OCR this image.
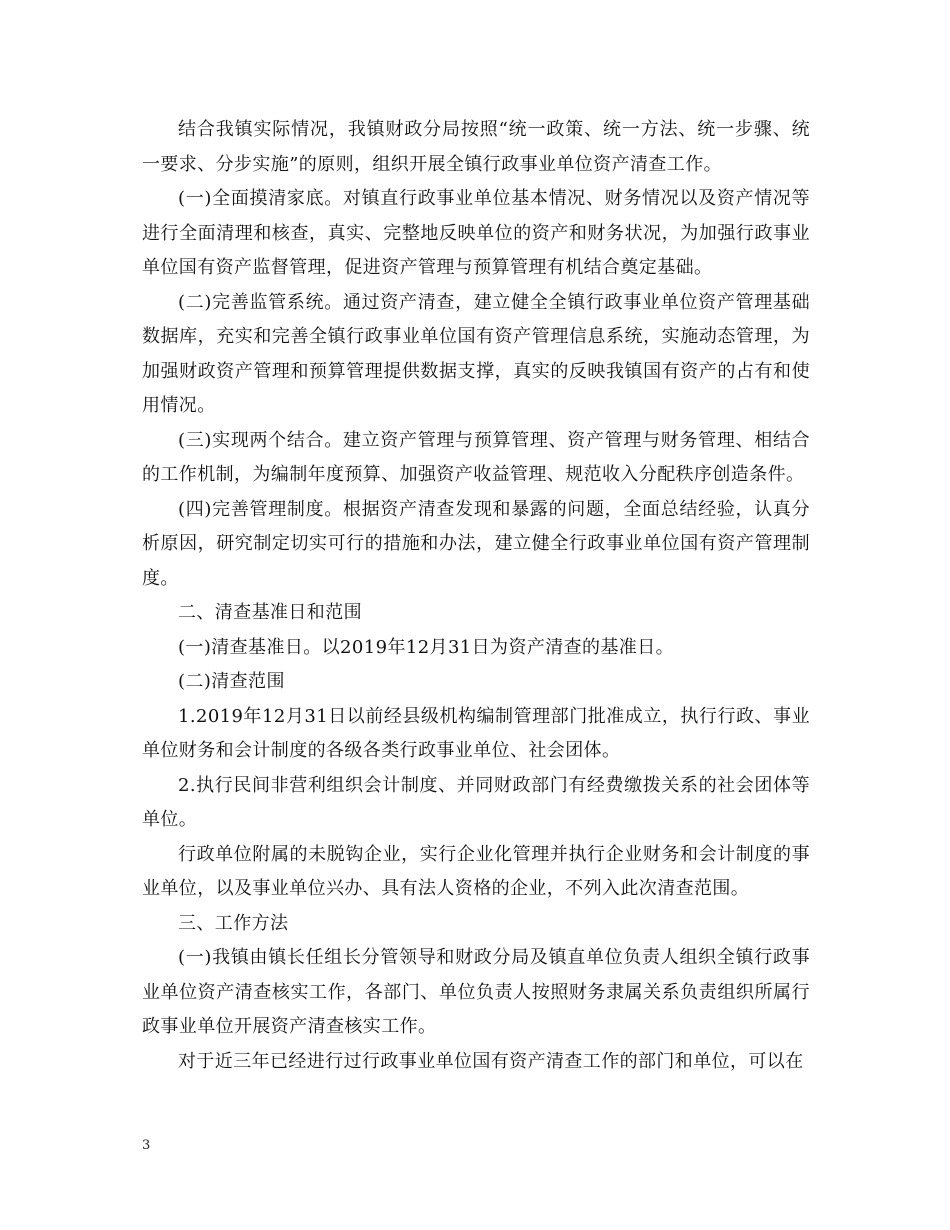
结合我镇实际情况，我镇财政分局按照“统一政策、统一方法、统一步骤、统一要求、分步实施”的原则，组织开展全镇行政事业单位资产清查工作。

(一)全面摸清家底。对镇直行政事业单位基本情况、财务情况以及资产情况等进行全面清理和核查，真实、完整地反映单位的资产和财务状况，为加强行政事业单位国有资产监督管理，促进资产管理与预算管理有机结合奠定基础。

(二)完善监管系统。通过资产清查，建立健全全镇行政事业单位资产管理基础数据库，充实和完善全镇行政事业单位国有资产管理信息系统，实施动态管理，为加强财政资产管理和预算管理提供数据支撑，真实的反映我镇国有资产的占有和使用情况。

(三)实现两个结合。建立资产管理与预算管理、资产管理与财务管理、相结合的工作机制，为编制年度预算、加强资产收益管理、规范收入分配秩序创造条件。

(四)完善管理制度。根据资产清查发现和暴露的问题，全面总结经验，认真分析原因，研究制定切实可行的措施和办法，建立健全行政事业单位国有资产管理制度。

二、清查基准日和范围

(一)清查基准日。以2019年12月31日为资产清查的基准日。

(二)清查范围

1.2019年12月31日以前经县级机构编制管理部门批准成立，执行行政、事业单位财务和会计制度的各级各类行政事业单位、社会团体。

2.执行民间非营利组织会计制度、并同财政部门有经费缴拨关系的社会团体等单位。

行政单位附属的未脱钩企业，实行企业化管理并执行企业财务和会计制度的事业单位，以及事业单位兴办、具有法人资格的企业，不列入此次清查范围。

三、工作方法

(一)我镇由镇长任组长分管领导和财政分局及镇直单位负责人组织全镇行政事业单位资产清查核实工作，各部门、单位负责人按照财务隶属关系负责组织所属行政事业单位开展资产清查核实工作。

对于近三年已经进行过行政事业单位国有资产清查工作的部门和单位，可以在

3
